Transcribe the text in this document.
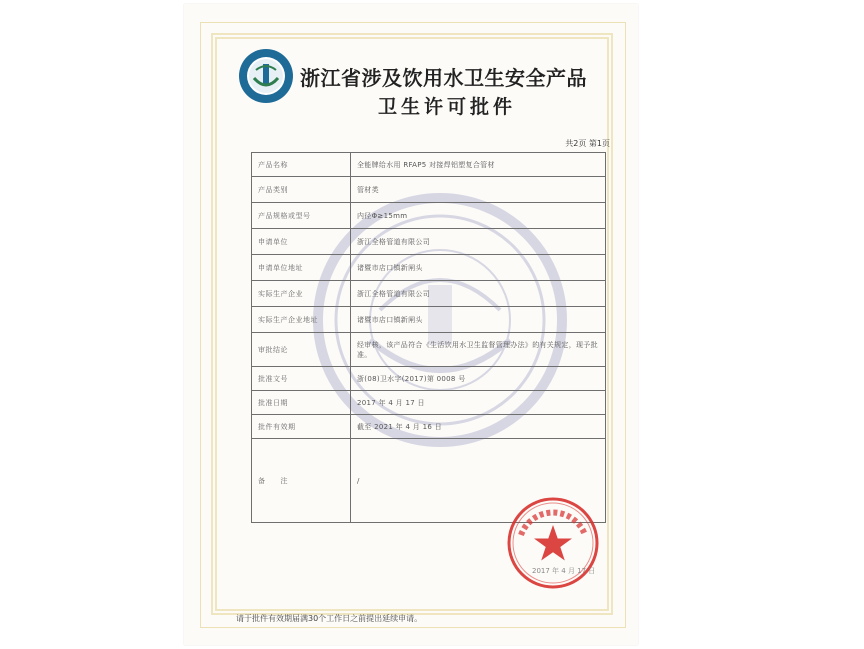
浙江省涉及饮用水卫生安全产品
卫生许可批件
共2页 第1页
产品名称	全能牌给水用 RFAP5 对接焊铝塑复合管材
产品类别	管材类
产品规格或型号	内径Φ≥15mm
申请单位	浙江全格管道有限公司
申请单位地址	诸暨市店口镇新闸头
实际生产企业	浙江全格管道有限公司
实际生产企业地址	诸暨市店口镇新闸头
审批结论	经审核，该产品符合《生活饮用水卫生监督管理办法》的有关规定，现予批准。
批准文号	浙(08)卫水字(2017)第 0008 号
批准日期	2017 年 4 月 17 日
批件有效期	截至 2021 年 4 月 16 日
备　　注	/
2017 年 4 月 17 日
请于批件有效期届满30个工作日之前提出延续申请。
